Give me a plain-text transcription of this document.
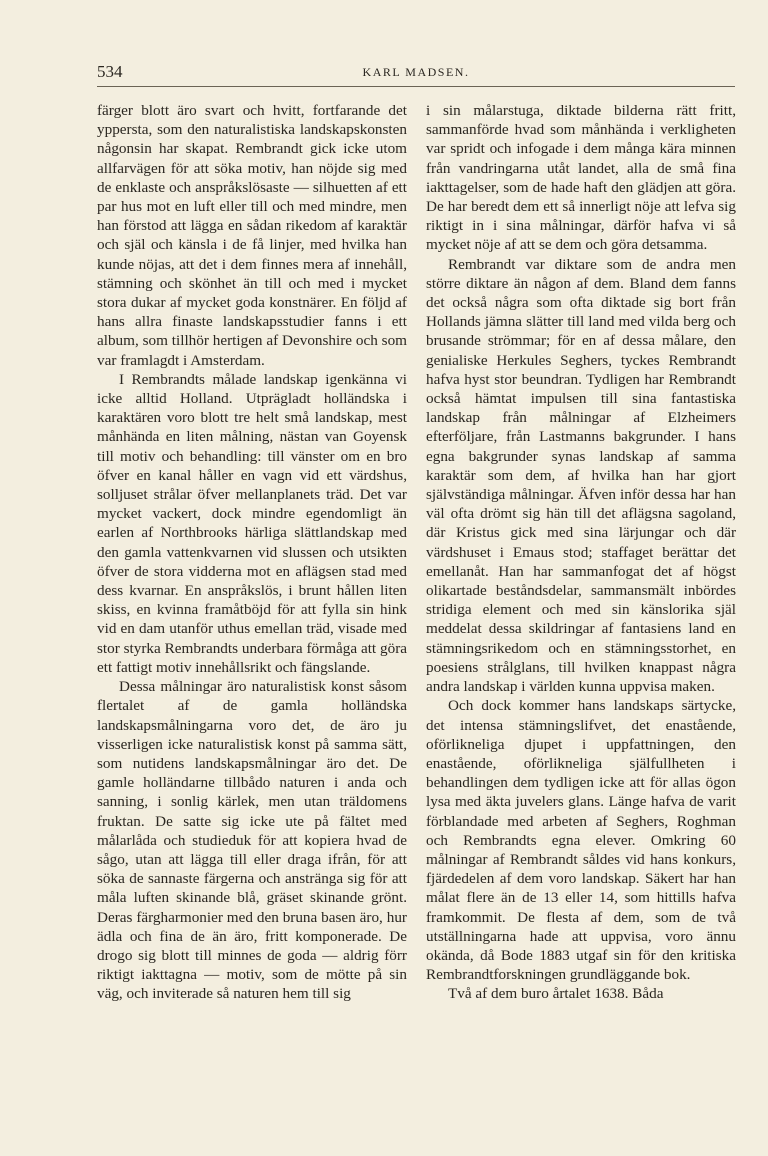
534	KARL MADSEN.

färger blott äro svart och hvitt, fortfarande det yppersta, som den naturalistiska landskapskonsten någonsin har skapat. Rembrandt gick icke utom allfarvägen för att söka motiv, han nöjde sig med de enklaste och anspråkslösaste — silhuetten af ett par hus mot en luft eller till och med mindre, men han förstod att lägga en sådan rikedom af karaktär och själ och känsla i de få linjer, med hvilka han kunde nöjas, att det i dem finnes mera af innehåll, stämning och skönhet än till och med i mycket stora dukar af mycket goda konstnärer. En följd af hans allra finaste landskapsstudier fanns i ett album, som tillhör hertigen af Devonshire och som var framlagdt i Amsterdam.

I Rembrandts målade landskap igenkänna vi icke alltid Holland. Utprägladt holländska i karaktären voro blott tre helt små landskap, mest månhända en liten målning, nästan van Goyensk till motiv och behandling: till vänster om en bro öfver en kanal håller en vagn vid ett värdshus, solljuset strålar öfver mellanplanets träd. Det var mycket vackert, dock mindre egendomligt än earlen af Northbrooks härliga slättlandskap med den gamla vattenkvarnen vid slussen och utsikten öfver de stora vidderna mot en aflägsen stad med dess kvarnar. En anspråkslös, i brunt hållen liten skiss, en kvinna framåtböjd för att fylla sin hink vid en dam utanför uthus emellan träd, visade med stor styrka Rembrandts underbara förmåga att göra ett fattigt motiv innehållsrikt och fängslande.

Dessa målningar äro naturalistisk konst såsom flertalet af de gamla holländska landskapsmålningarna voro det, de äro ju visserligen icke naturalistisk konst på samma sätt, som nutidens landskapsmålningar äro det. De gamle holländarne tillbådo naturen i anda och sanning, i sonlig kärlek, men utan träldomens fruktan. De satte sig icke ute på fältet med målarlåda och studieduk för att kopiera hvad de sågo, utan att lägga till eller draga ifrån, för att söka de sannaste färgerna och anstränga sig för att måla luften skinande blå, gräset skinande grönt. Deras färgharmonier med den bruna basen äro, hur ädla och fina de än äro, fritt komponerade. De drogo sig blott till minnes de goda — aldrig förr riktigt iakttagna — motiv, som de mötte på sin väg, och inviterade så naturen hem till sig

i sin målarstuga, diktade bilderna rätt fritt, sammanförde hvad som månhända i verkligheten var spridt och infogade i dem många kära minnen från vandringarna utåt landet, alla de små fina iakttagelser, som de hade haft den glädjen att göra. De har beredt dem ett så innerligt nöje att lefva sig riktigt in i sina målningar, därför hafva vi så mycket nöje af att se dem och göra detsamma.

Rembrandt var diktare som de andra men större diktare än någon af dem. Bland dem fanns det också några som ofta diktade sig bort från Hollands jämna slätter till land med vilda berg och brusande strömmar; för en af dessa målare, den genialiske Herkules Seghers, tyckes Rembrandt hafva hyst stor beundran. Tydligen har Rembrandt också hämtat impulsen till sina fantastiska landskap från målningar af Elzheimers efterföljare, från Lastmanns bakgrunder. I hans egna bakgrunder synas landskap af samma karaktär som dem, af hvilka han har gjort självständiga målningar. Äfven inför dessa har han väl ofta drömt sig hän till det aflägsna sagoland, där Kristus gick med sina lärjungar och där värdshuset i Emaus stod; staffaget berättar det emellanåt. Han har sammanfogat det af högst olikartade beståndsdelar, sammansmält inbördes stridiga element och med sin känslorika själ meddelat dessa skildringar af fantasiens land en stämningsrikedom och en stämningsstorhet, en poesiens strålglans, till hvilken knappast några andra landskap i världen kunna uppvisa maken.

Och dock kommer hans landskaps särtycke, det intensa stämningslifvet, det enastående, oförlikneliga djupet i uppfattningen, den enastående, oförlikneliga själfullheten i behandlingen dem tydligen icke att för allas ögon lysa med äkta juvelers glans. Länge hafva de varit förblandade med arbeten af Seghers, Roghman och Rembrandts egna elever. Omkring 60 målningar af Rembrandt såldes vid hans konkurs, fjärdedelen af dem voro landskap. Säkert har han målat flere än de 13 eller 14, som hittills hafva framkommit. De flesta af dem, som de två utställningarna hade att uppvisa, voro ännu okända, då Bode 1883 utgaf sin för den kritiska Rembrandtforskningen grundläggande bok.

Två af dem buro årtalet 1638. Båda
